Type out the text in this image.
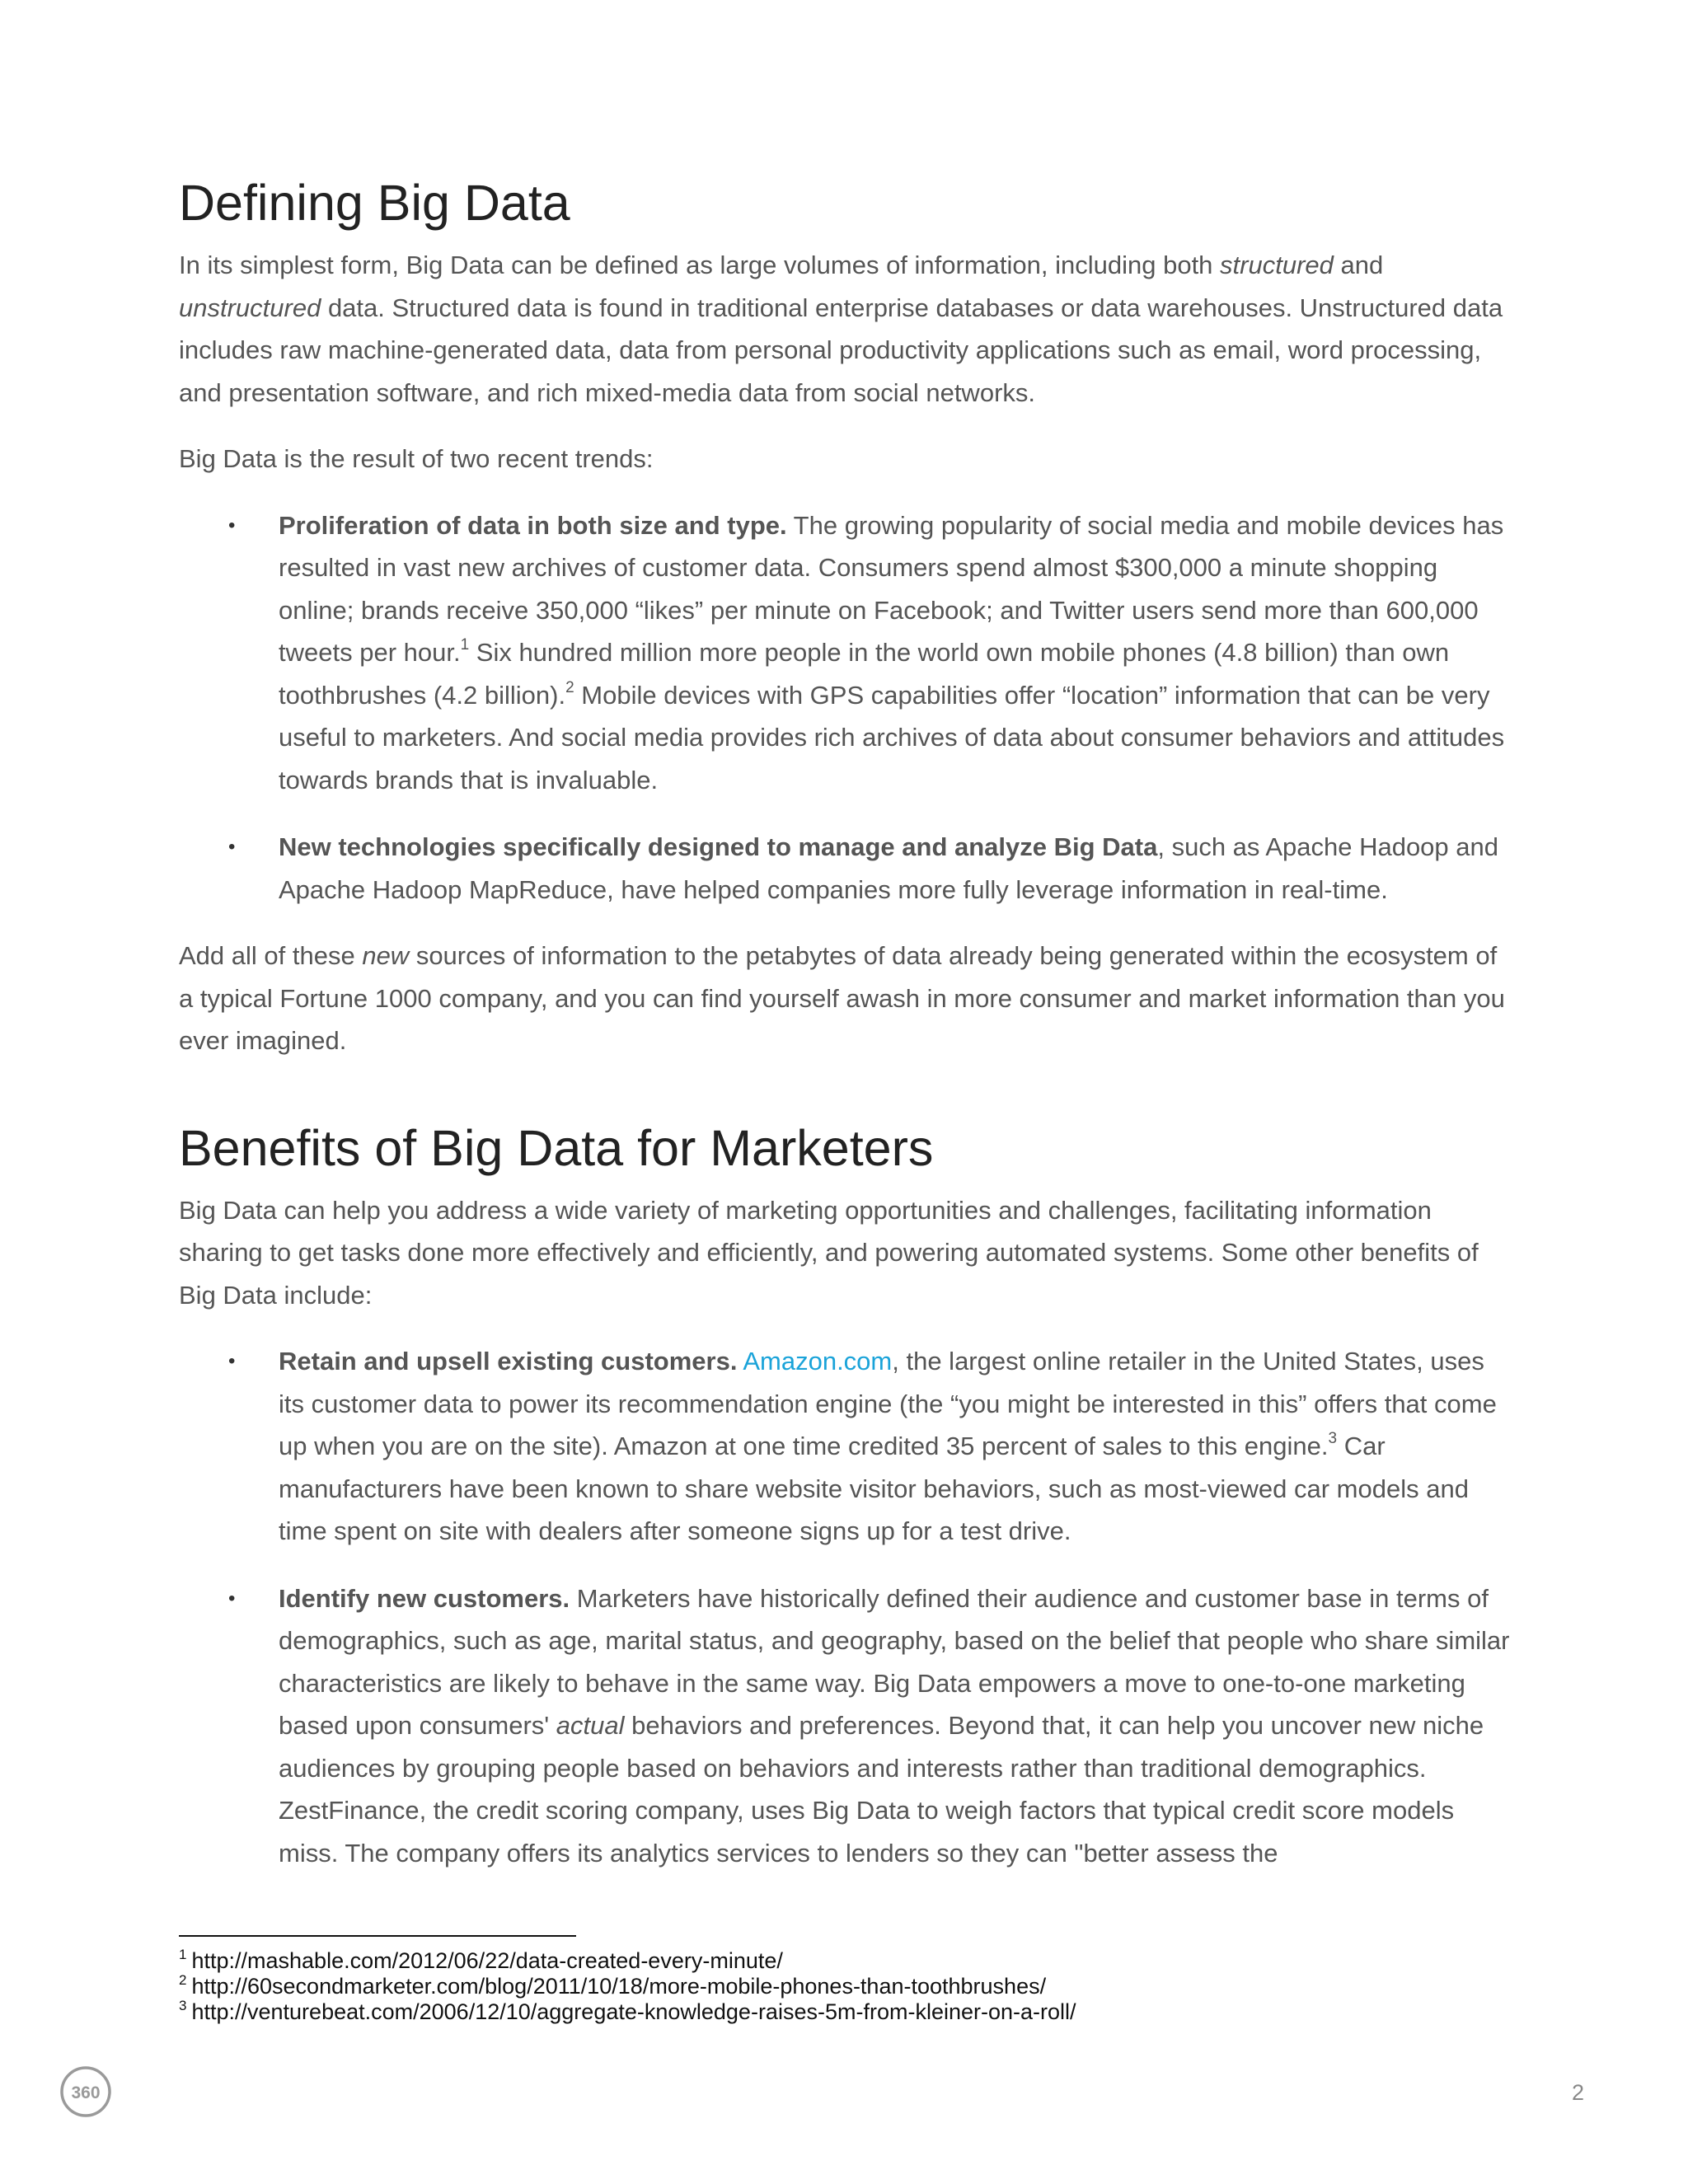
Defining Big Data

In its simplest form, Big Data can be defined as large volumes of information, including both structured and unstructured data. Structured data is found in traditional enterprise databases or data warehouses. Unstructured data includes raw machine-generated data, data from personal productivity applications such as email, word processing, and presentation software, and rich mixed-media data from social networks.

Big Data is the result of two recent trends:

• Proliferation of data in both size and type. The growing popularity of social media and mobile devices has resulted in vast new archives of customer data. Consumers spend almost $300,000 a minute shopping online; brands receive 350,000 “likes” per minute on Facebook; and Twitter users send more than 600,000 tweets per hour.$^1$ Six hundred million more people in the world own mobile phones (4.8 billion) than own toothbrushes (4.2 billion).$^2$ Mobile devices with GPS capabilities offer “location” information that can be very useful to marketers. And social media provides rich archives of data about consumer behaviors and attitudes towards brands that is invaluable.
• New technologies specifically designed to manage and analyze Big Data, such as Apache Hadoop and Apache Hadoop MapReduce, have helped companies more fully leverage information in real-time.

Add all of these new sources of information to the petabytes of data already being generated within the ecosystem of a typical Fortune 1000 company, and you can find yourself awash in more consumer and market information than you ever imagined.

Benefits of Big Data for Marketers

Big Data can help you address a wide variety of marketing opportunities and challenges, facilitating information sharing to get tasks done more effectively and efficiently, and powering automated systems. Some other benefits of Big Data include:

• Retain and upsell existing customers. Amazon.com, the largest online retailer in the United States, uses its customer data to power its recommendation engine (the “you might be interested in this” offers that come up when you are on the site). Amazon at one time credited 35 percent of sales to this engine.$^3$ Car manufacturers have been known to share website visitor behaviors, such as most-viewed car models and time spent on site with dealers after someone signs up for a test drive.
• Identify new customers. Marketers have historically defined their audience and customer base in terms of demographics, such as age, marital status, and geography, based on the belief that people who share similar characteristics are likely to behave in the same way. Big Data empowers a move to one-to-one marketing based upon consumers' actual behaviors and preferences. Beyond that, it can help you uncover new niche audiences by grouping people based on behaviors and interests rather than traditional demographics. ZestFinance, the credit scoring company, uses Big Data to weigh factors that typical credit score models miss. The company offers its analytics services to lenders so they can "better assess the

$^1$ http://mashable.com/2012/06/22/data-created-every-minute/

$^2$ http://60secondmarketer.com/blog/2011/10/18/more-mobile-phones-than-toothbrushes/

$^3$ http://venturebeat.com/2006/12/10/aggregate-knowledge-raises-5m-from-kleiner-on-a-roll/

360	2
